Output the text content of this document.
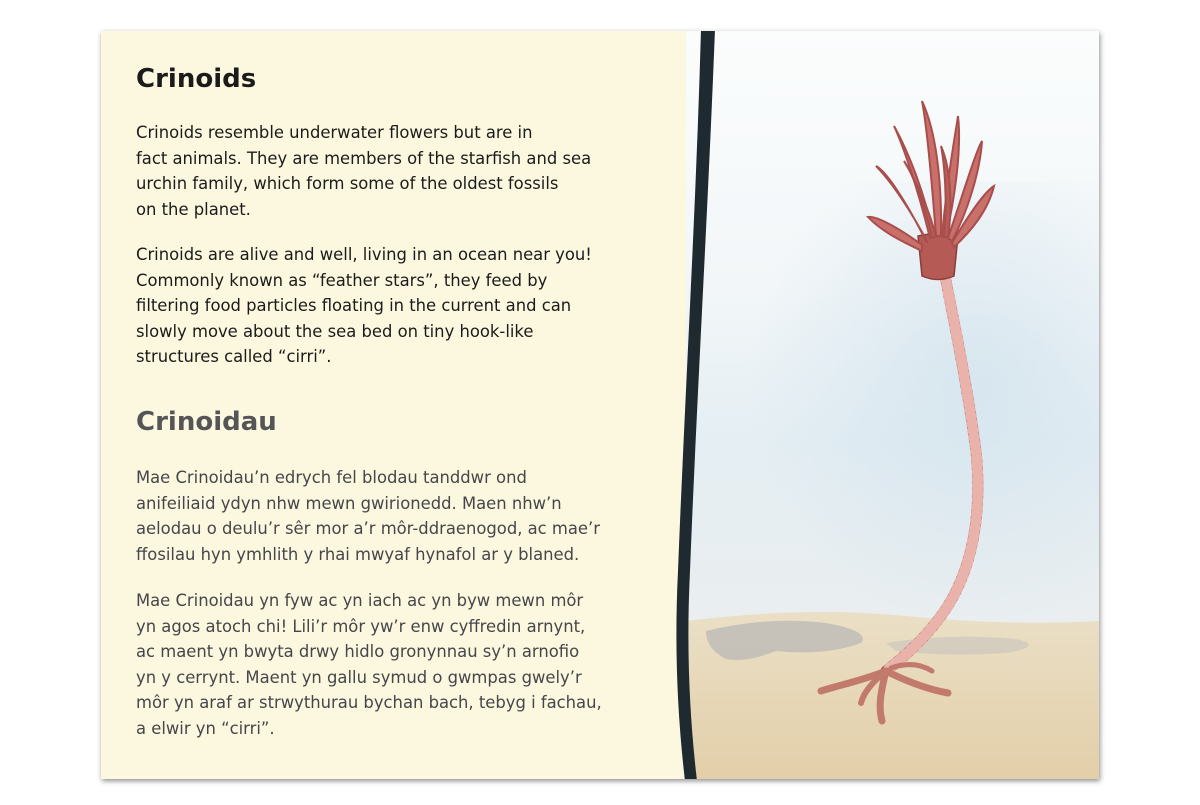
Crinoids

Crinoids resemble underwater flowers but are in
fact animals. They are members of the starfish and sea
urchin family, which form some of the oldest fossils
on the planet.

Crinoids are alive and well, living in an ocean near you!
Commonly known as “feather stars”, they feed by
filtering food particles floating in the current and can
slowly move about the sea bed on tiny hook-like
structures called “cirri”.

Crinoidau

Mae Crinoidau’n edrych fel blodau tanddwr ond
anifeiliaid ydyn nhw mewn gwirionedd. Maen nhw’n
aelodau o deulu’r sêr mor a’r môr-ddraenogod, ac mae’r
ffosilau hyn ymhlith y rhai mwyaf hynafol ar y blaned.

Mae Crinoidau yn fyw ac yn iach ac yn byw mewn môr
yn agos atoch chi! Lili’r môr yw’r enw cyffredin arnynt,
ac maent yn bwyta drwy hidlo gronynnau sy’n arnofio
yn y cerrynt. Maent yn gallu symud o gwmpas gwely’r
môr yn araf ar strwythurau bychan bach, tebyg i fachau,
a elwir yn “cirri”.
